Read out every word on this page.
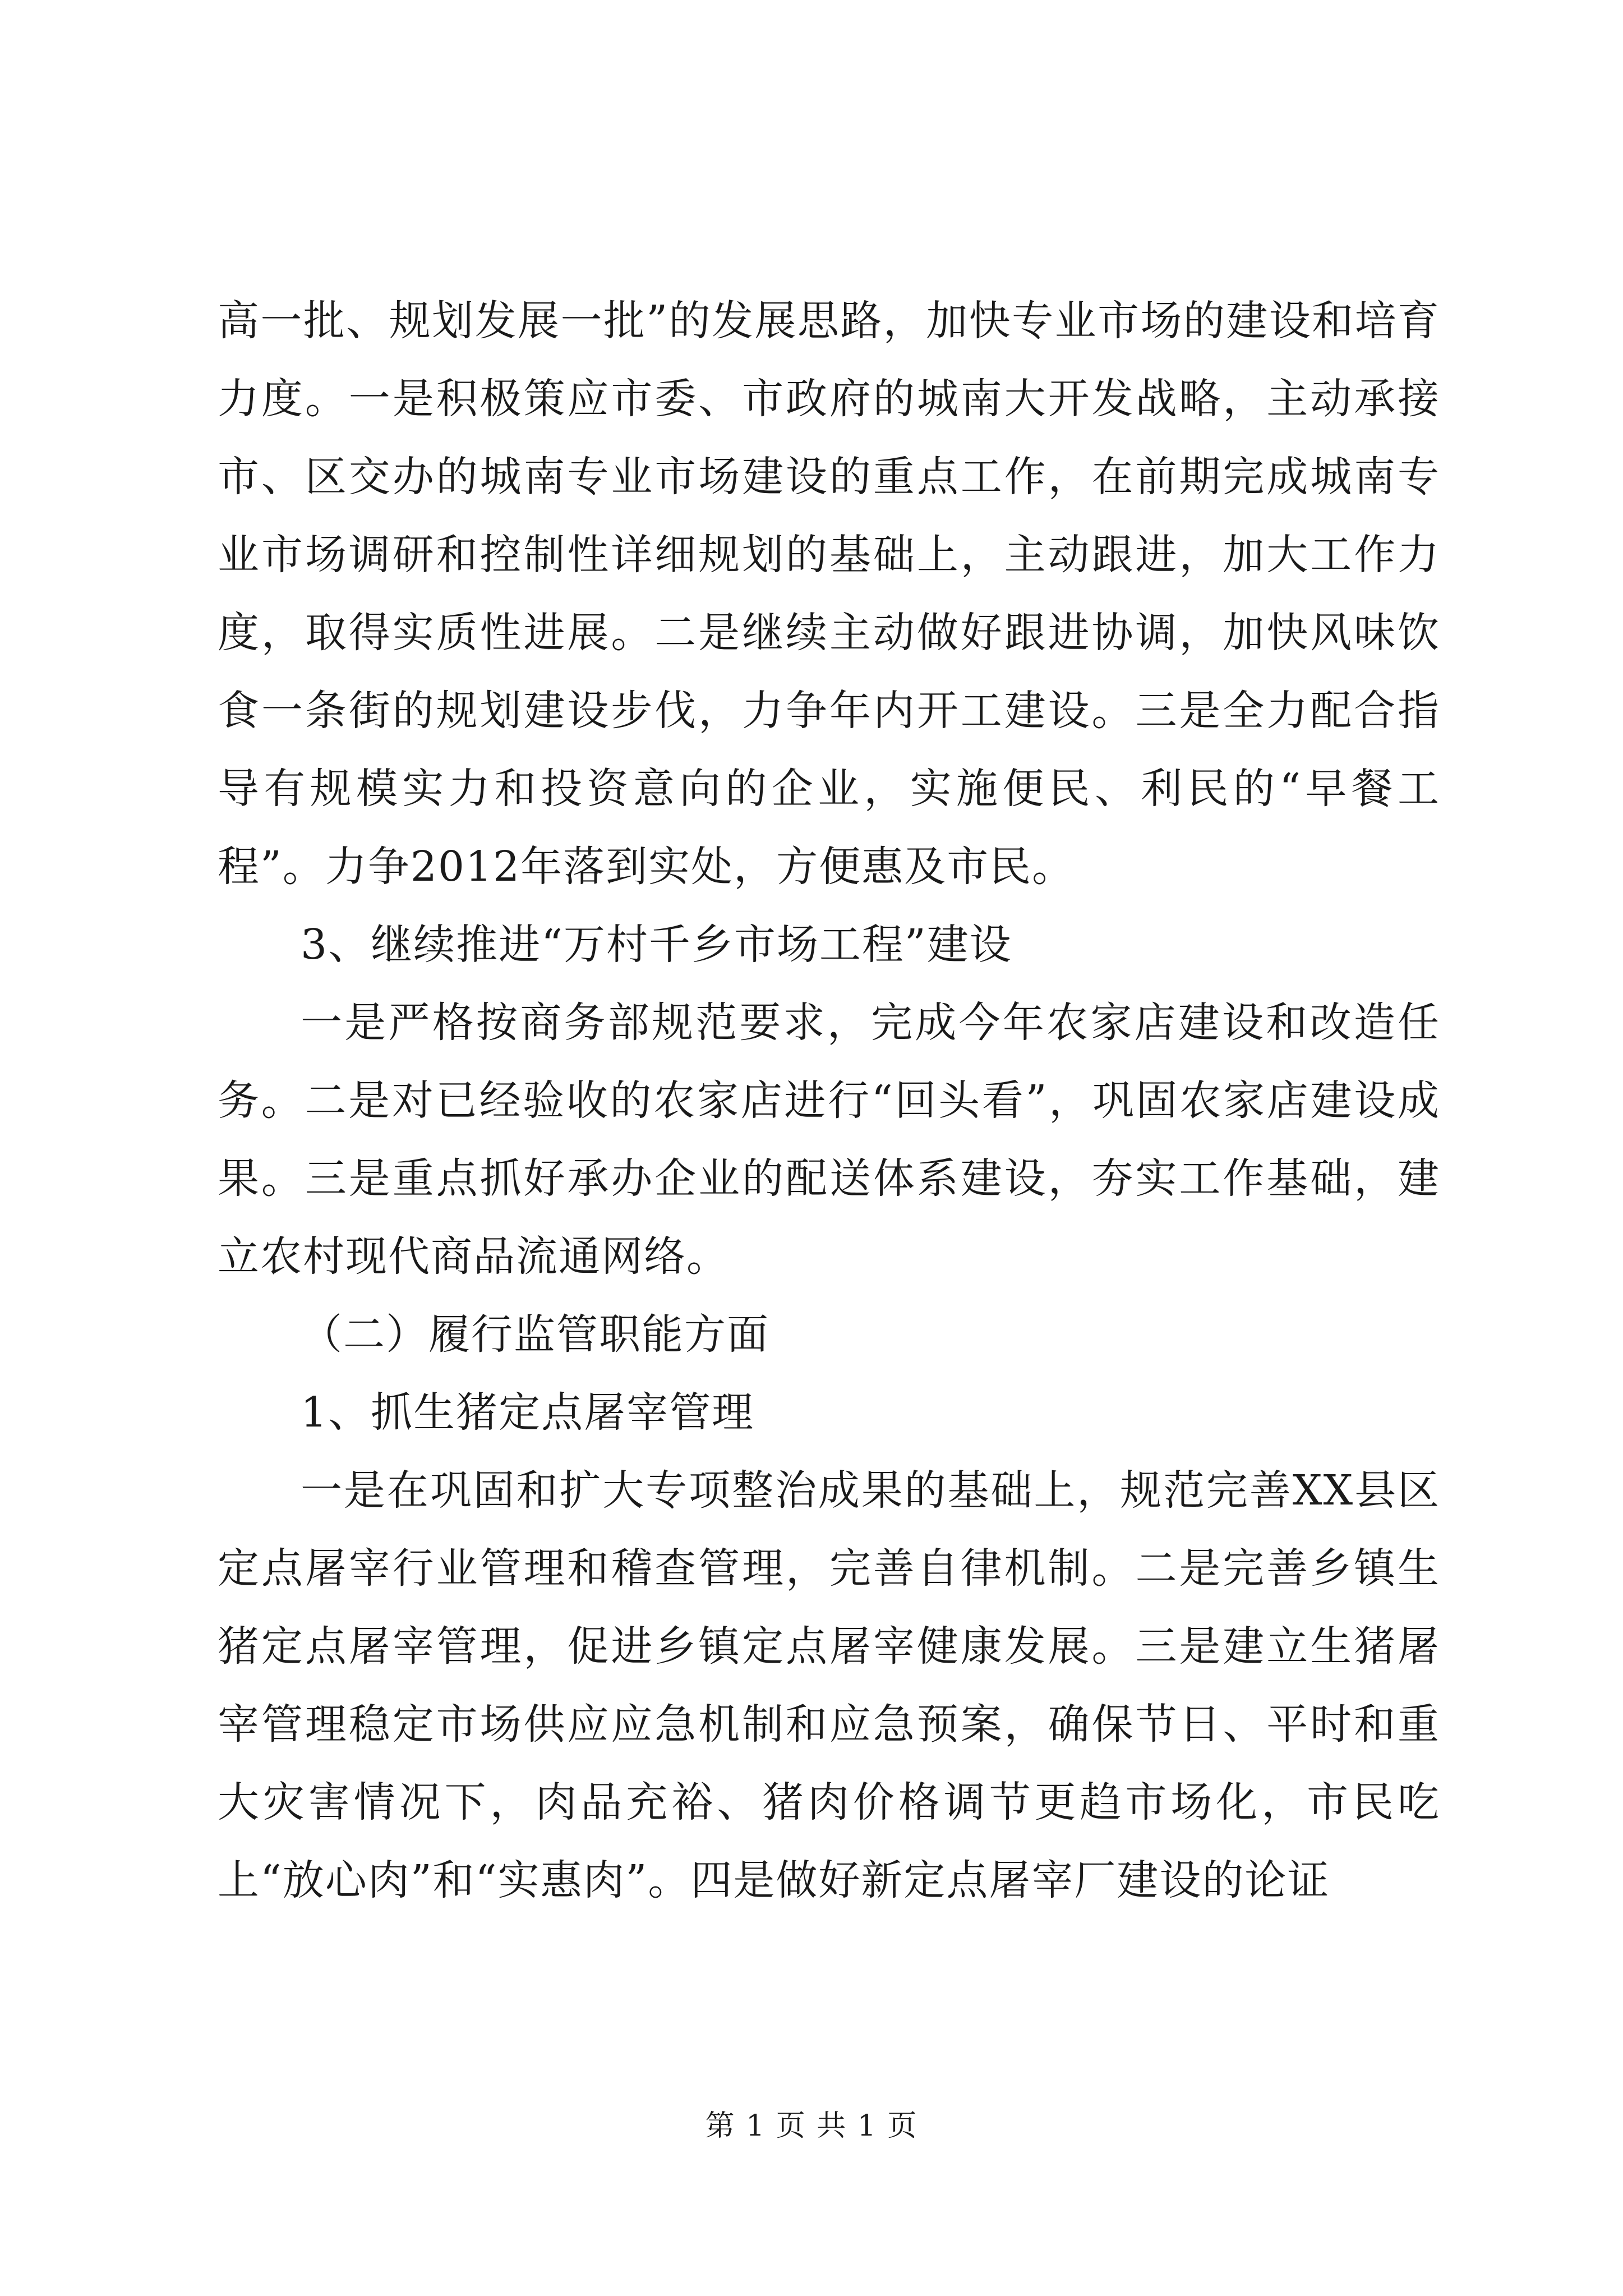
高一批、规划发展一批”的发展思路，加快专业市场的建设和培育力度。一是积极策应市委、市政府的城南大开发战略，主动承接市、区交办的城南专业市场建设的重点工作，在前期完成城南专业市场调研和控制性详细规划的基础上，主动跟进，加大工作力度，取得实质性进展。二是继续主动做好跟进协调，加快风味饮食一条街的规划建设步伐，力争年内开工建设。三是全力配合指导有规模实力和投资意向的企业，实施便民、利民的“早餐工程”。力争2012年落到实处，方便惠及市民。

3、继续推进“万村千乡市场工程”建设

一是严格按商务部规范要求，完成今年农家店建设和改造任务。二是对已经验收的农家店进行“回头看”，巩固农家店建设成果。三是重点抓好承办企业的配送体系建设，夯实工作基础，建立农村现代商品流通网络。

（二）履行监管职能方面

1、抓生猪定点屠宰管理

一是在巩固和扩大专项整治成果的基础上，规范完善XX县区定点屠宰行业管理和稽查管理，完善自律机制。二是完善乡镇生猪定点屠宰管理，促进乡镇定点屠宰健康发展。三是建立生猪屠宰管理稳定市场供应应急机制和应急预案，确保节日、平时和重大灾害情况下，肉品充裕、猪肉价格调节更趋市场化，市民吃上“放心肉”和“实惠肉”。四是做好新定点屠宰厂建设的论证

第 1 页 共 1 页
